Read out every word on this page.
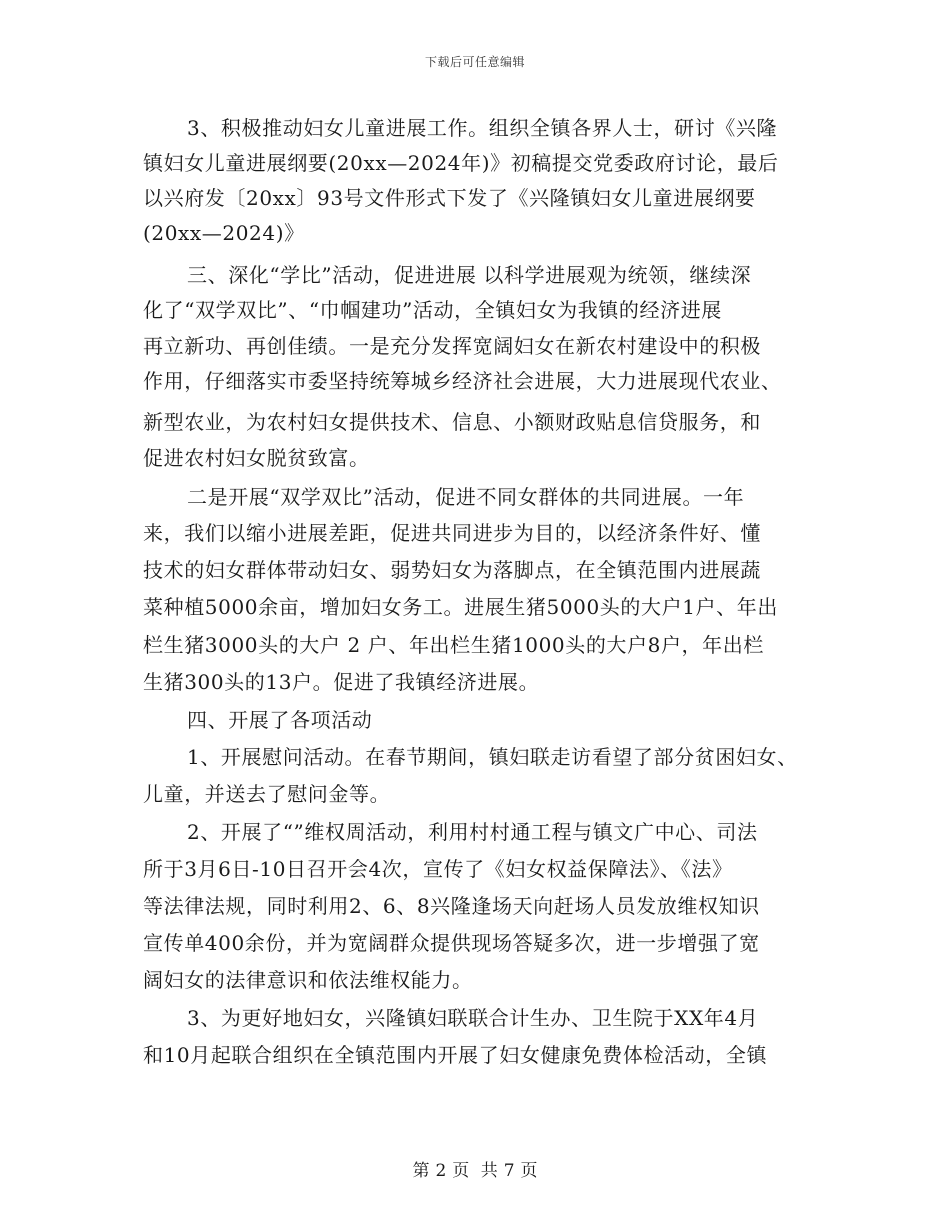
下载后可任意编辑
3、积极推动妇女儿童进展工作。组织全镇各界人士，研讨《兴隆
镇妇女儿童进展纲要(20xx—2024年)》初稿提交党委政府讨论，最后
以兴府发〔20xx〕93号文件形式下发了《兴隆镇妇女儿童进展纲要
(20xx—2024)》
三、深化“学比”活动，促进进展 以科学进展观为统领，继续深
化了“双学双比”、“巾帼建功”活动，全镇妇女为我镇的经济进展
再立新功、再创佳绩。一是充分发挥宽阔妇女在新农村建设中的积极
作用，仔细落实市委坚持统筹城乡经济社会进展，大力进展现代农业、
新型农业，为农村妇女提供技术、信息、小额财政贴息信贷服务，和
促进农村妇女脱贫致富。
二是开展“双学双比”活动，促进不同女群体的共同进展。一年
来，我们以缩小进展差距，促进共同进步为目的，以经济条件好、懂
技术的妇女群体带动妇女、弱势妇女为落脚点，在全镇范围内进展蔬
菜种植5000余亩，增加妇女务工。进展生猪5000头的大户1户、年出
栏生猪3000头的大户 2 户、年出栏生猪1000头的大户8户，年出栏
生猪300头的13户。促进了我镇经济进展。
四、开展了各项活动
1、开展慰问活动。在春节期间，镇妇联走访看望了部分贫困妇女、
儿童，并送去了慰问金等。
2、开展了“”维权周活动，利用村村通工程与镇文广中心、司法
所于3月6日-10日召开会4次，宣传了《妇女权益保障法》、《法》
等法律法规，同时利用2、6、8兴隆逢场天向赶场人员发放维权知识
宣传单400余份，并为宽阔群众提供现场答疑多次，进一步增强了宽
阔妇女的法律意识和依法维权能力。
3、为更好地妇女，兴隆镇妇联联合计生办、卫生院于XX年4月
和10月起联合组织在全镇范围内开展了妇女健康免费体检活动，全镇
第 2 页 共 7 页
